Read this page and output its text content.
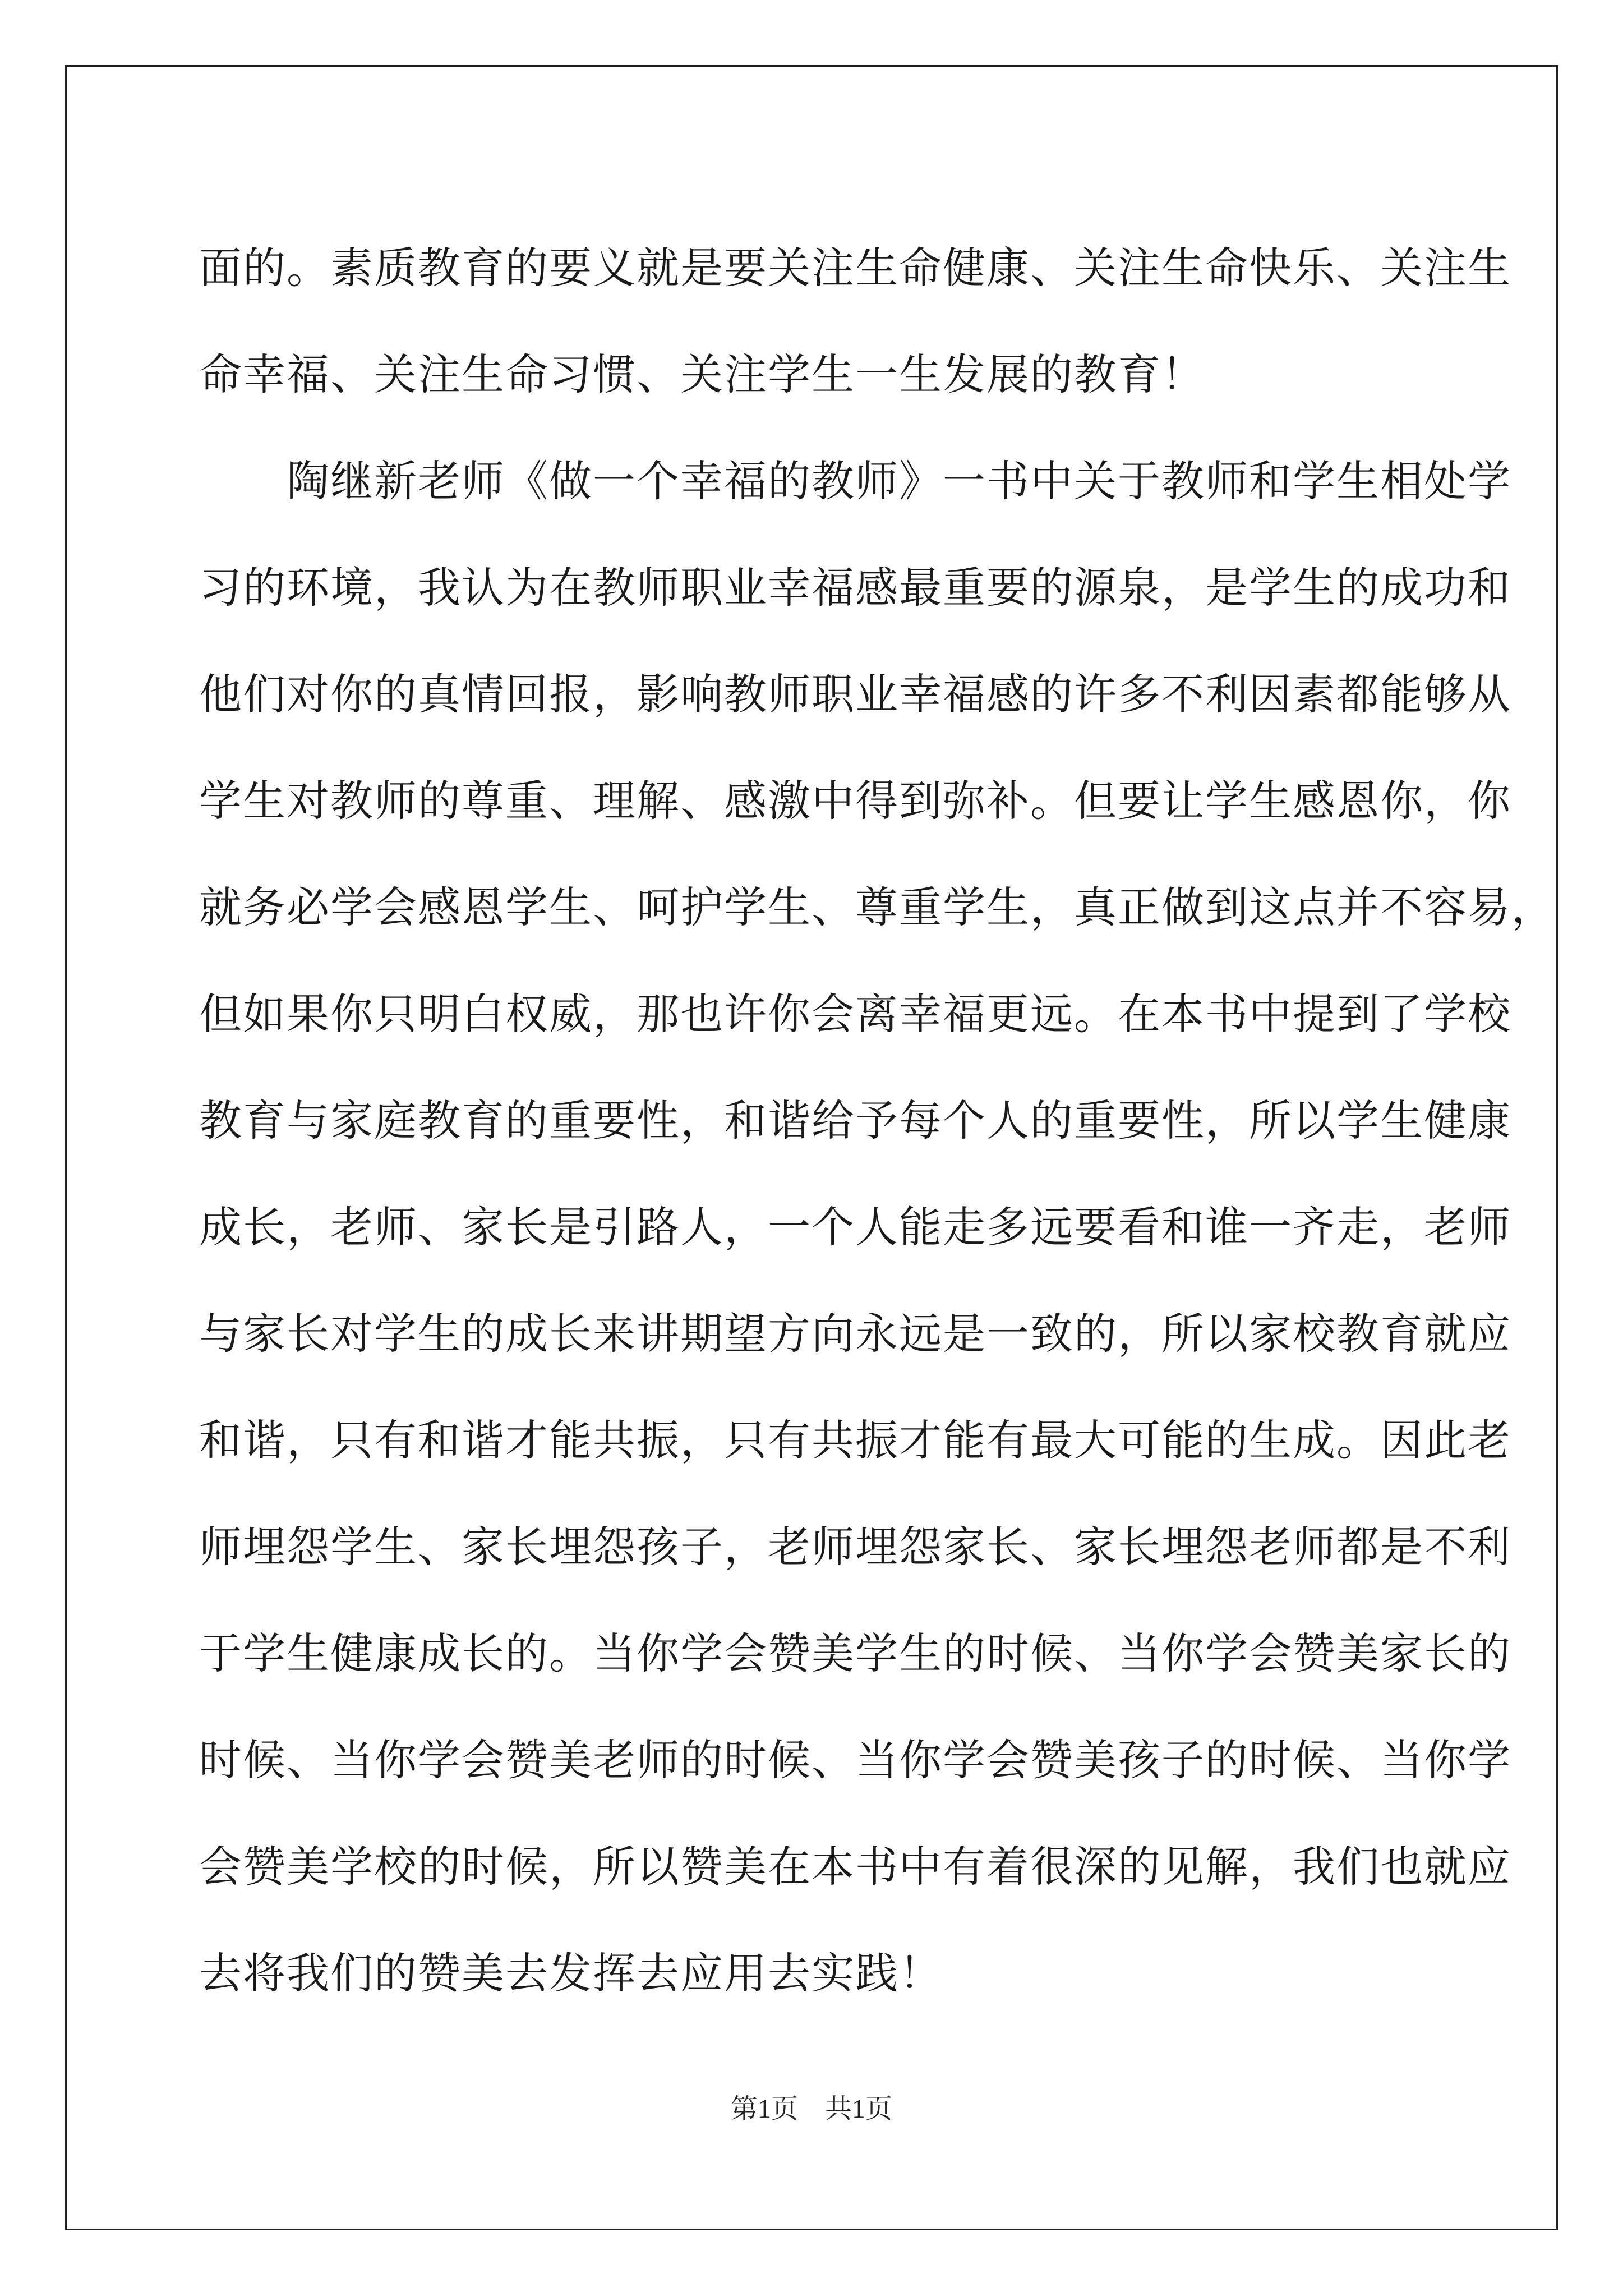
面的。素质教育的要义就是要关注生命健康、关注生命快乐、关注生
命幸福、关注生命习惯、关注学生一生发展的教育！
　　陶继新老师《做一个幸福的教师》一书中关于教师和学生相处学
习的环境，我认为在教师职业幸福感最重要的源泉，是学生的成功和
他们对你的真情回报，影响教师职业幸福感的许多不利因素都能够从
学生对教师的尊重、理解、感激中得到弥补。但要让学生感恩你，你
就务必学会感恩学生、呵护学生、尊重学生，真正做到这点并不容易，
但如果你只明白权威，那也许你会离幸福更远。在本书中提到了学校
教育与家庭教育的重要性，和谐给予每个人的重要性，所以学生健康
成长，老师、家长是引路人，一个人能走多远要看和谁一齐走，老师
与家长对学生的成长来讲期望方向永远是一致的，所以家校教育就应
和谐，只有和谐才能共振，只有共振才能有最大可能的生成。因此老
师埋怨学生、家长埋怨孩子，老师埋怨家长、家长埋怨老师都是不利
于学生健康成长的。当你学会赞美学生的时候、当你学会赞美家长的
时候、当你学会赞美老师的时候、当你学会赞美孩子的时候、当你学
会赞美学校的时候，所以赞美在本书中有着很深的见解，我们也就应
去将我们的赞美去发挥去应用去实践！
第1页　共1页
